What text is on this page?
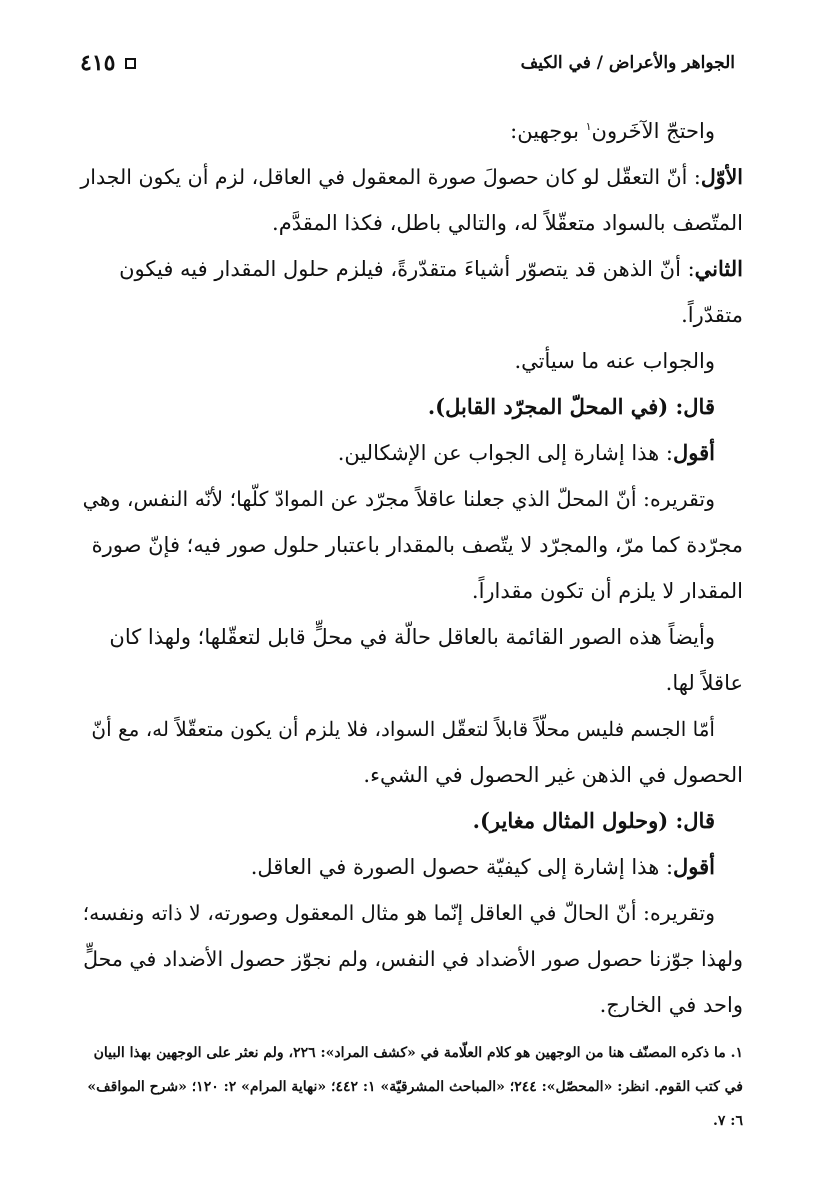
الجواهر والأعراض / في الكيف
٤١٥
واحتجّ الآخَرون$^١$ بوجهين:
الأوّل: أنّ التعقّل لو كان حصولَ صورة المعقول في العاقل، لزم أن يكون الجدار
المتّصف بالسواد متعقّلاً له، والتالي باطل، فكذا المقدَّم.
الثاني: أنّ الذهن قد يتصوّر أشياءَ متقدّرةً، فيلزم حلول المقدار فيه فيكون
متقدّراً.
والجواب عنه ما سيأتي.
قال: (في المحلّ المجرّد القابل).
أقول: هذا إشارة إلى الجواب عن الإشكالين.
وتقريره: أنّ المحلّ الذي جعلنا عاقلاً مجرّد عن الموادّ كلّها؛ لأنّه النفس، وهي
مجرّدة كما مرّ، والمجرّد لا يتّصف بالمقدار باعتبار حلول صور فيه؛ فإنّ صورة
المقدار لا يلزم أن تكون مقداراً.
وأيضاً هذه الصور القائمة بالعاقل حالّة في محلٍّ قابل لتعقّلها؛ ولهذا كان
عاقلاً لها.
أمّا الجسم فليس محلّاً قابلاً لتعقّل السواد، فلا يلزم أن يكون متعقّلاً له، مع أنّ
الحصول في الذهن غير الحصول في الشيء.
قال: (وحلول المثال مغاير).
أقول: هذا إشارة إلى كيفيّة حصول الصورة في العاقل.
وتقريره: أنّ الحالّ في العاقل إنّما هو مثال المعقول وصورته، لا ذاته ونفسه؛
ولهذا جوّزنا حصول صور الأضداد في النفس، ولم نجوّز حصول الأضداد في محلٍّ
واحد في الخارج.
١. ما ذكره المصنّف هنا من الوجهين هو كلام العلّامة في «كشف المراد»: ٢٢٦، ولم نعثر على الوجهين بهذا البيان
في كتب القوم. انظر: «المحصّل»: ٢٤٤؛ «المباحث المشرقيّة» ١: ٤٤٢؛ «نهاية المرام» ٢: ١٢٠؛ «شرح المواقف»
٦: ٧.
